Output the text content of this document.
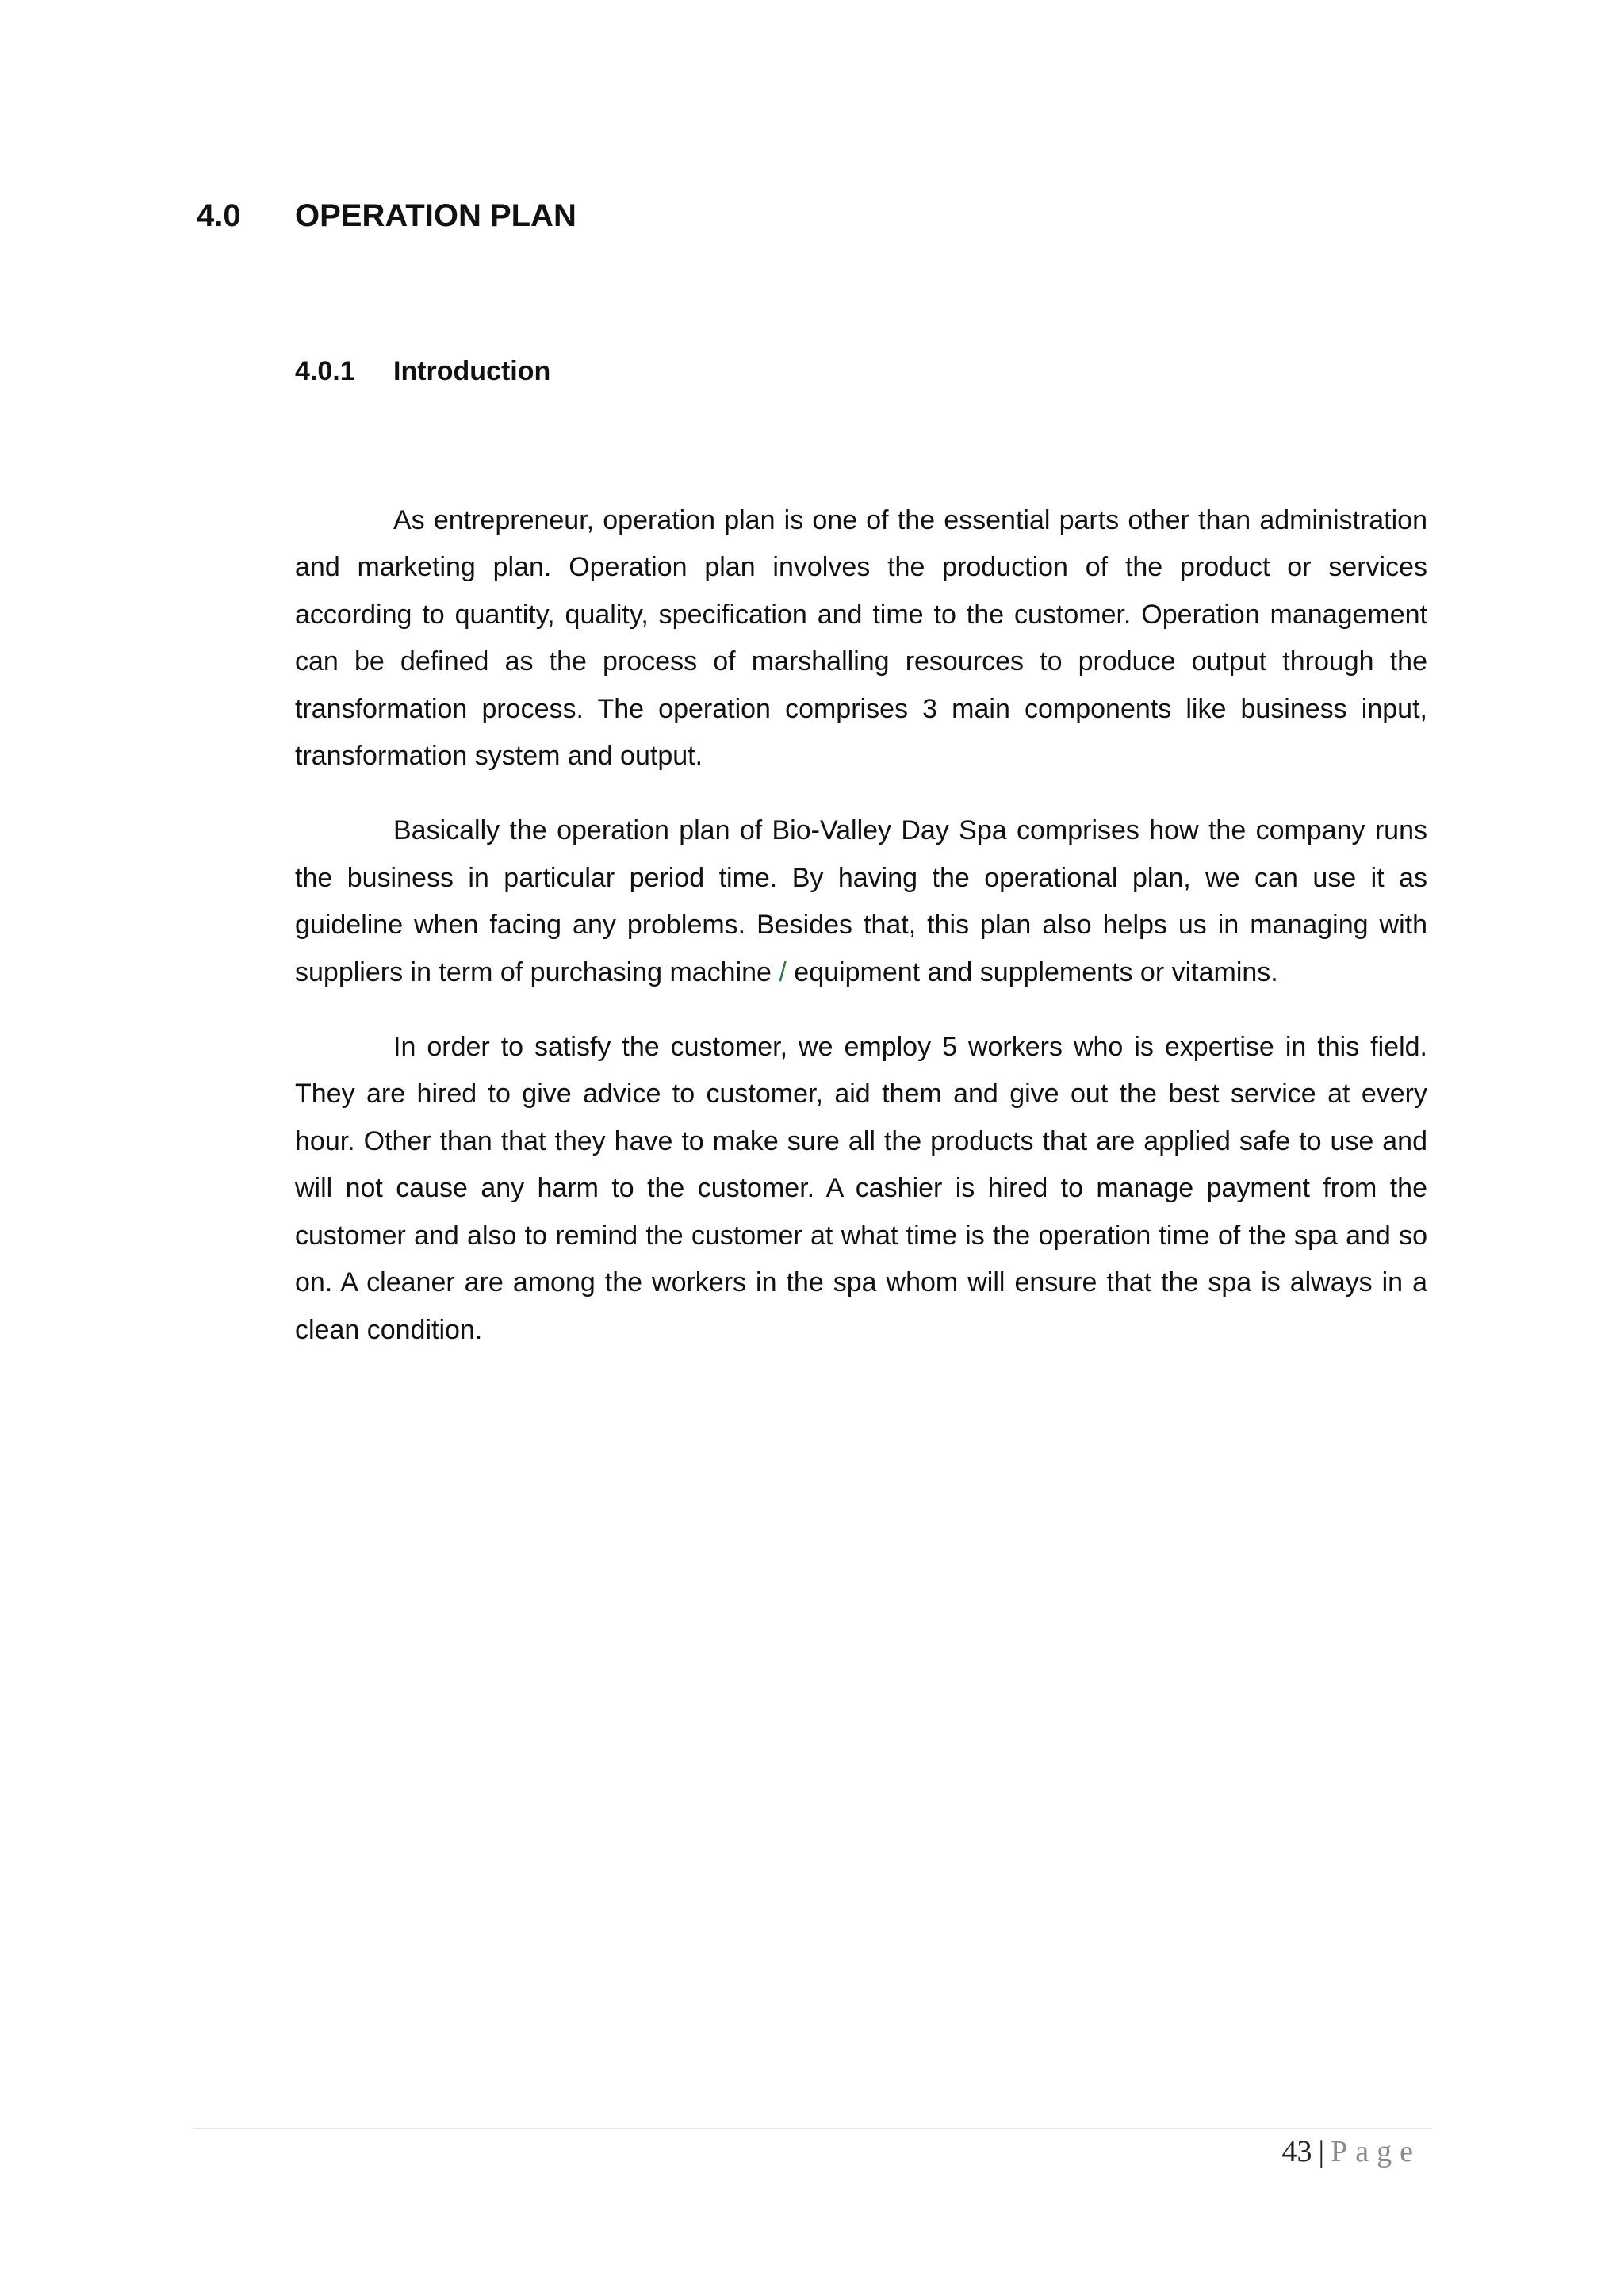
4.0 OPERATION PLAN
4.0.1 Introduction

As entrepreneur, operation plan is one of the essential parts other than administration and marketing plan. Operation plan involves the production of the product or services according to quantity, quality, specification and time to the customer. Operation management can be defined as the process of marshalling resources to produce output through the transformation process. The operation comprises 3 main components like business input, transformation system and output.

Basically the operation plan of Bio-Valley Day Spa comprises how the company runs the business in particular period time. By having the operational plan, we can use it as guideline when facing any problems. Besides that, this plan also helps us in managing with suppliers in term of purchasing machine / equipment and supplements or vitamins.

In order to satisfy the customer, we employ 5 workers who is expertise in this field. They are hired to give advice to customer, aid them and give out the best service at every hour. Other than that they have to make sure all the products that are applied safe to use and will not cause any harm to the customer. A cashier is hired to manage payment from the customer and also to remind the customer at what time is the operation time of the spa and so on. A cleaner are among the workers in the spa whom will ensure that the spa is always in a clean condition.

43 | Page
